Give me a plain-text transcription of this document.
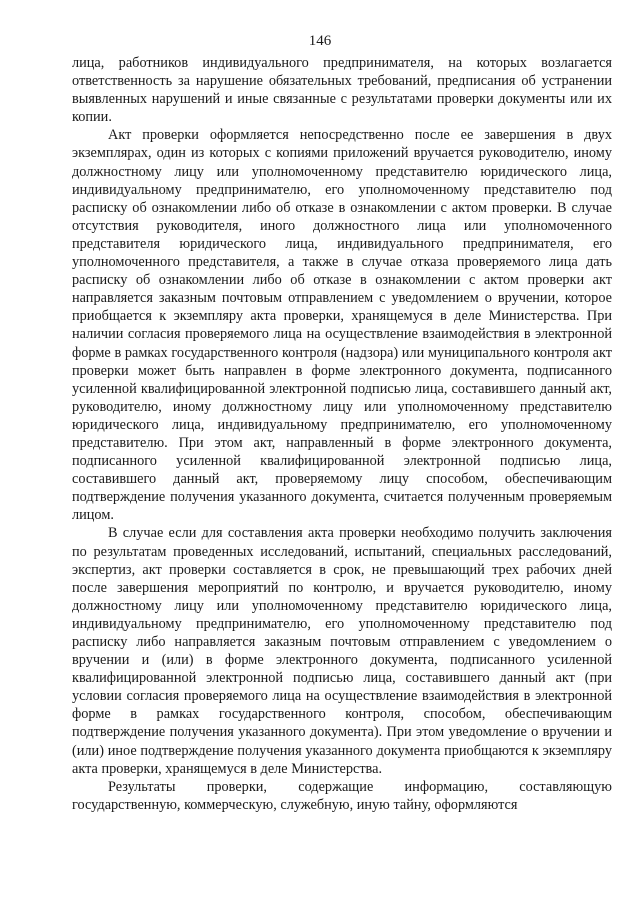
146

лица, работников индивидуального предпринимателя, на которых возлагается ответственность за нарушение обязательных требований, предписания об устранении выявленных нарушений и иные связанные с результатами проверки документы или их копии.

Акт проверки оформляется непосредственно после ее завершения в двух экземплярах, один из которых с копиями приложений вручается руководителю, иному должностному лицу или уполномоченному представителю юридического лица, индивидуальному предпринимателю, его уполномоченному представителю под расписку об ознакомлении либо об отказе в ознакомлении с актом проверки. В случае отсутствия руководителя, иного должностного лица или уполномоченного представителя юридического лица, индивидуального предпринимателя, его уполномоченного представителя, а также в случае отказа проверяемого лица дать расписку об ознакомлении либо об отказе в ознакомлении с актом проверки акт направляется заказным почтовым отправлением с уведомлением о вручении, которое приобщается к экземпляру акта проверки, хранящемуся в деле Министерства. При наличии согласия проверяемого лица на осуществление взаимодействия в электронной форме в рамках государственного контроля (надзора) или муниципального контроля акт проверки может быть направлен в форме электронного документа, подписанного усиленной квалифицированной электронной подписью лица, составившего данный акт, руководителю, иному должностному лицу или уполномоченному представителю юридического лица, индивидуальному предпринимателю, его уполномоченному представителю. При этом акт, направленный в форме электронного документа, подписанного усиленной квалифицированной электронной подписью лица, составившего данный акт, проверяемому лицу способом, обеспечивающим подтверждение получения указанного документа, считается полученным проверяемым лицом.

В случае если для составления акта проверки необходимо получить заключения по результатам проведенных исследований, испытаний, специальных расследований, экспертиз, акт проверки составляется в срок, не превышающий трех рабочих дней после завершения мероприятий по контролю, и вручается руководителю, иному должностному лицу или уполномоченному представителю юридического лица, индивидуальному предпринимателю, его уполномоченному представителю под расписку либо направляется заказным почтовым отправлением с уведомлением о вручении и (или) в форме электронного документа, подписанного усиленной квалифицированной электронной подписью лица, составившего данный акт (при условии согласия проверяемого лица на осуществление взаимодействия в электронной форме в рамках государственного контроля, способом, обеспечивающим подтверждение получения указанного документа). При этом уведомление о вручении и (или) иное подтверждение получения указанного документа приобщаются к экземпляру акта проверки, хранящемуся в деле Министерства.

Результаты проверки, содержащие информацию, составляющую государственную, коммерческую, служебную, иную тайну, оформляются
